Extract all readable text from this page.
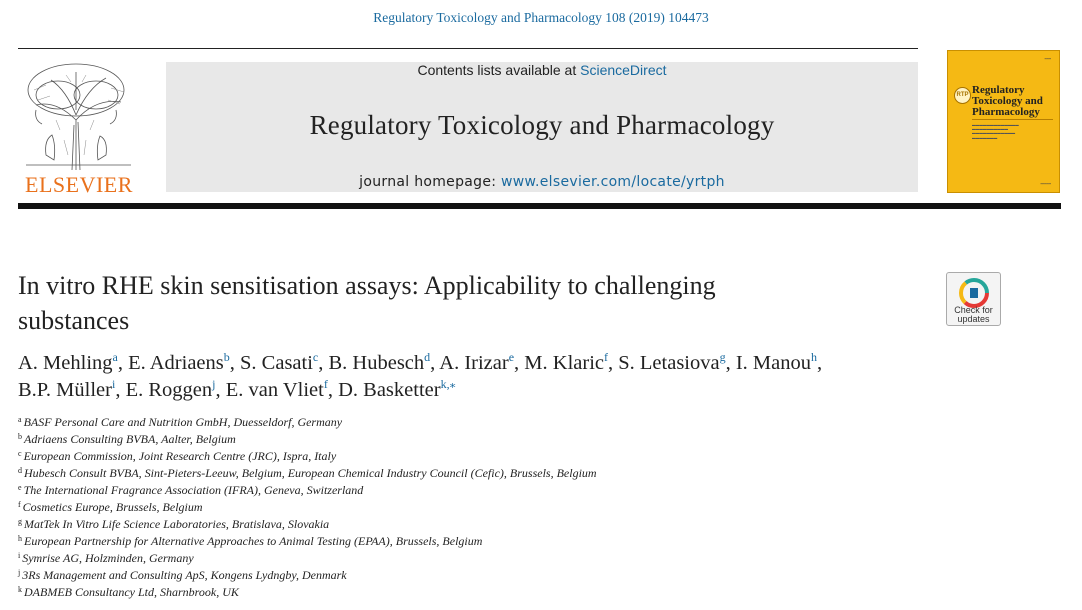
Regulatory Toxicology and Pharmacology 108 (2019) 104473
ELSEVIER
Contents lists available at ScienceDirect
Regulatory Toxicology and Pharmacology
journal homepage: www.elsevier.com/locate/yrtph
━━━
RTP Regulatory
Toxicology and
Pharmacology
▬▬▬▬▬▬▬▬▬▬▬▬▬
▬▬▬▬▬▬▬▬▬▬
▬▬▬▬▬▬▬▬▬▬▬▬
▬▬▬▬▬▬▬
━━━━━
In vitro RHE skin sensitisation assays: Applicability to challenging
substances	Check for
updates
A. Mehling$^a$, E. Adriaens$^b$, S. Casati$^c$, B. Hubesch$^d$, A. Irizar$^e$, M. Klaric$^f$, S. Letasiova$^g$, I. Manou$^h$,
B.P. Müller$^i$, E. Roggen$^j$, E. van Vliet$^f$, D. Basketter$^{k,⁎}$
$^a$ BASF Personal Care and Nutrition GmbH, Duesseldorf, Germany
$^b$ Adriaens Consulting BVBA, Aalter, Belgium
$^c$ European Commission, Joint Research Centre (JRC), Ispra, Italy
$^d$ Hubesch Consult BVBA, Sint-Pieters-Leeuw, Belgium, European Chemical Industry Council (Cefic), Brussels, Belgium
$^e$ The International Fragrance Association (IFRA), Geneva, Switzerland
$^f$ Cosmetics Europe, Brussels, Belgium
$^g$ MatTek In Vitro Life Science Laboratories, Bratislava, Slovakia
$^h$ European Partnership for Alternative Approaches to Animal Testing (EPAA), Brussels, Belgium
$^i$ Symrise AG, Holzminden, Germany
$^j$ 3Rs Management and Consulting ApS, Kongens Lydngby, Denmark
$^k$ DABMEB Consultancy Ltd, Sharnbrook, UK
